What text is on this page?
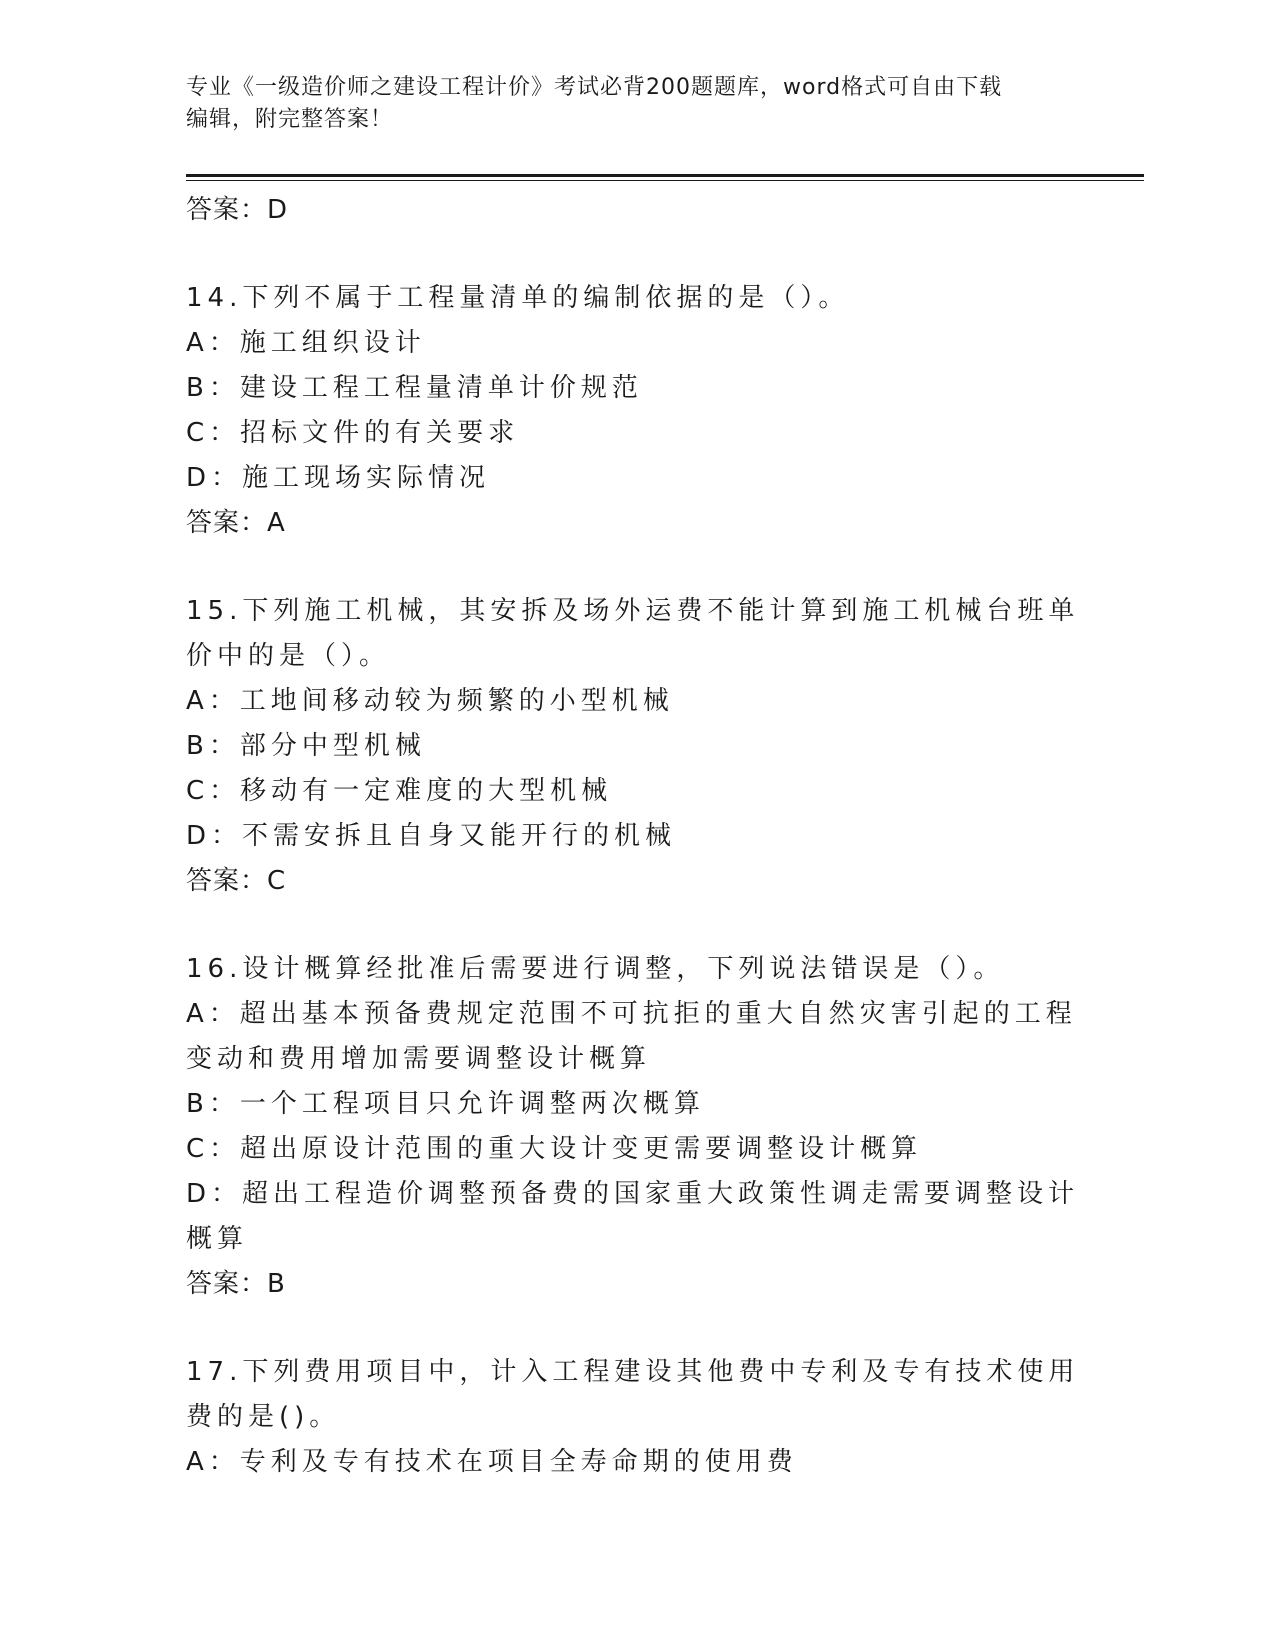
专业《一级造价师之建设工程计价》考试必背200题题库，word格式可自由下载
编辑，附完整答案！

答案：D

14.下列不属于工程量清单的编制依据的是（）。

A：施工组织设计

B：建设工程工程量清单计价规范

C：招标文件的有关要求

D：施工现场实际情况

答案：A

15.下列施工机械，其安拆及场外运费不能计算到施工机械台班单价中的是（）。

A：工地间移动较为频繁的小型机械

B：部分中型机械

C：移动有一定难度的大型机械

D：不需安拆且自身又能开行的机械

答案：C

16.设计概算经批准后需要进行调整，下列说法错误是（）。

A：超出基本预备费规定范围不可抗拒的重大自然灾害引起的工程变动和费用增加需要调整设计概算

B：一个工程项目只允许调整两次概算

C：超出原设计范围的重大设计变更需要调整设计概算

D：超出工程造价调整预备费的国家重大政策性调走需要调整设计概算

答案：B

17.下列费用项目中，计入工程建设其他费中专利及专有技术使用费的是()。

A：专利及专有技术在项目全寿命期的使用费
